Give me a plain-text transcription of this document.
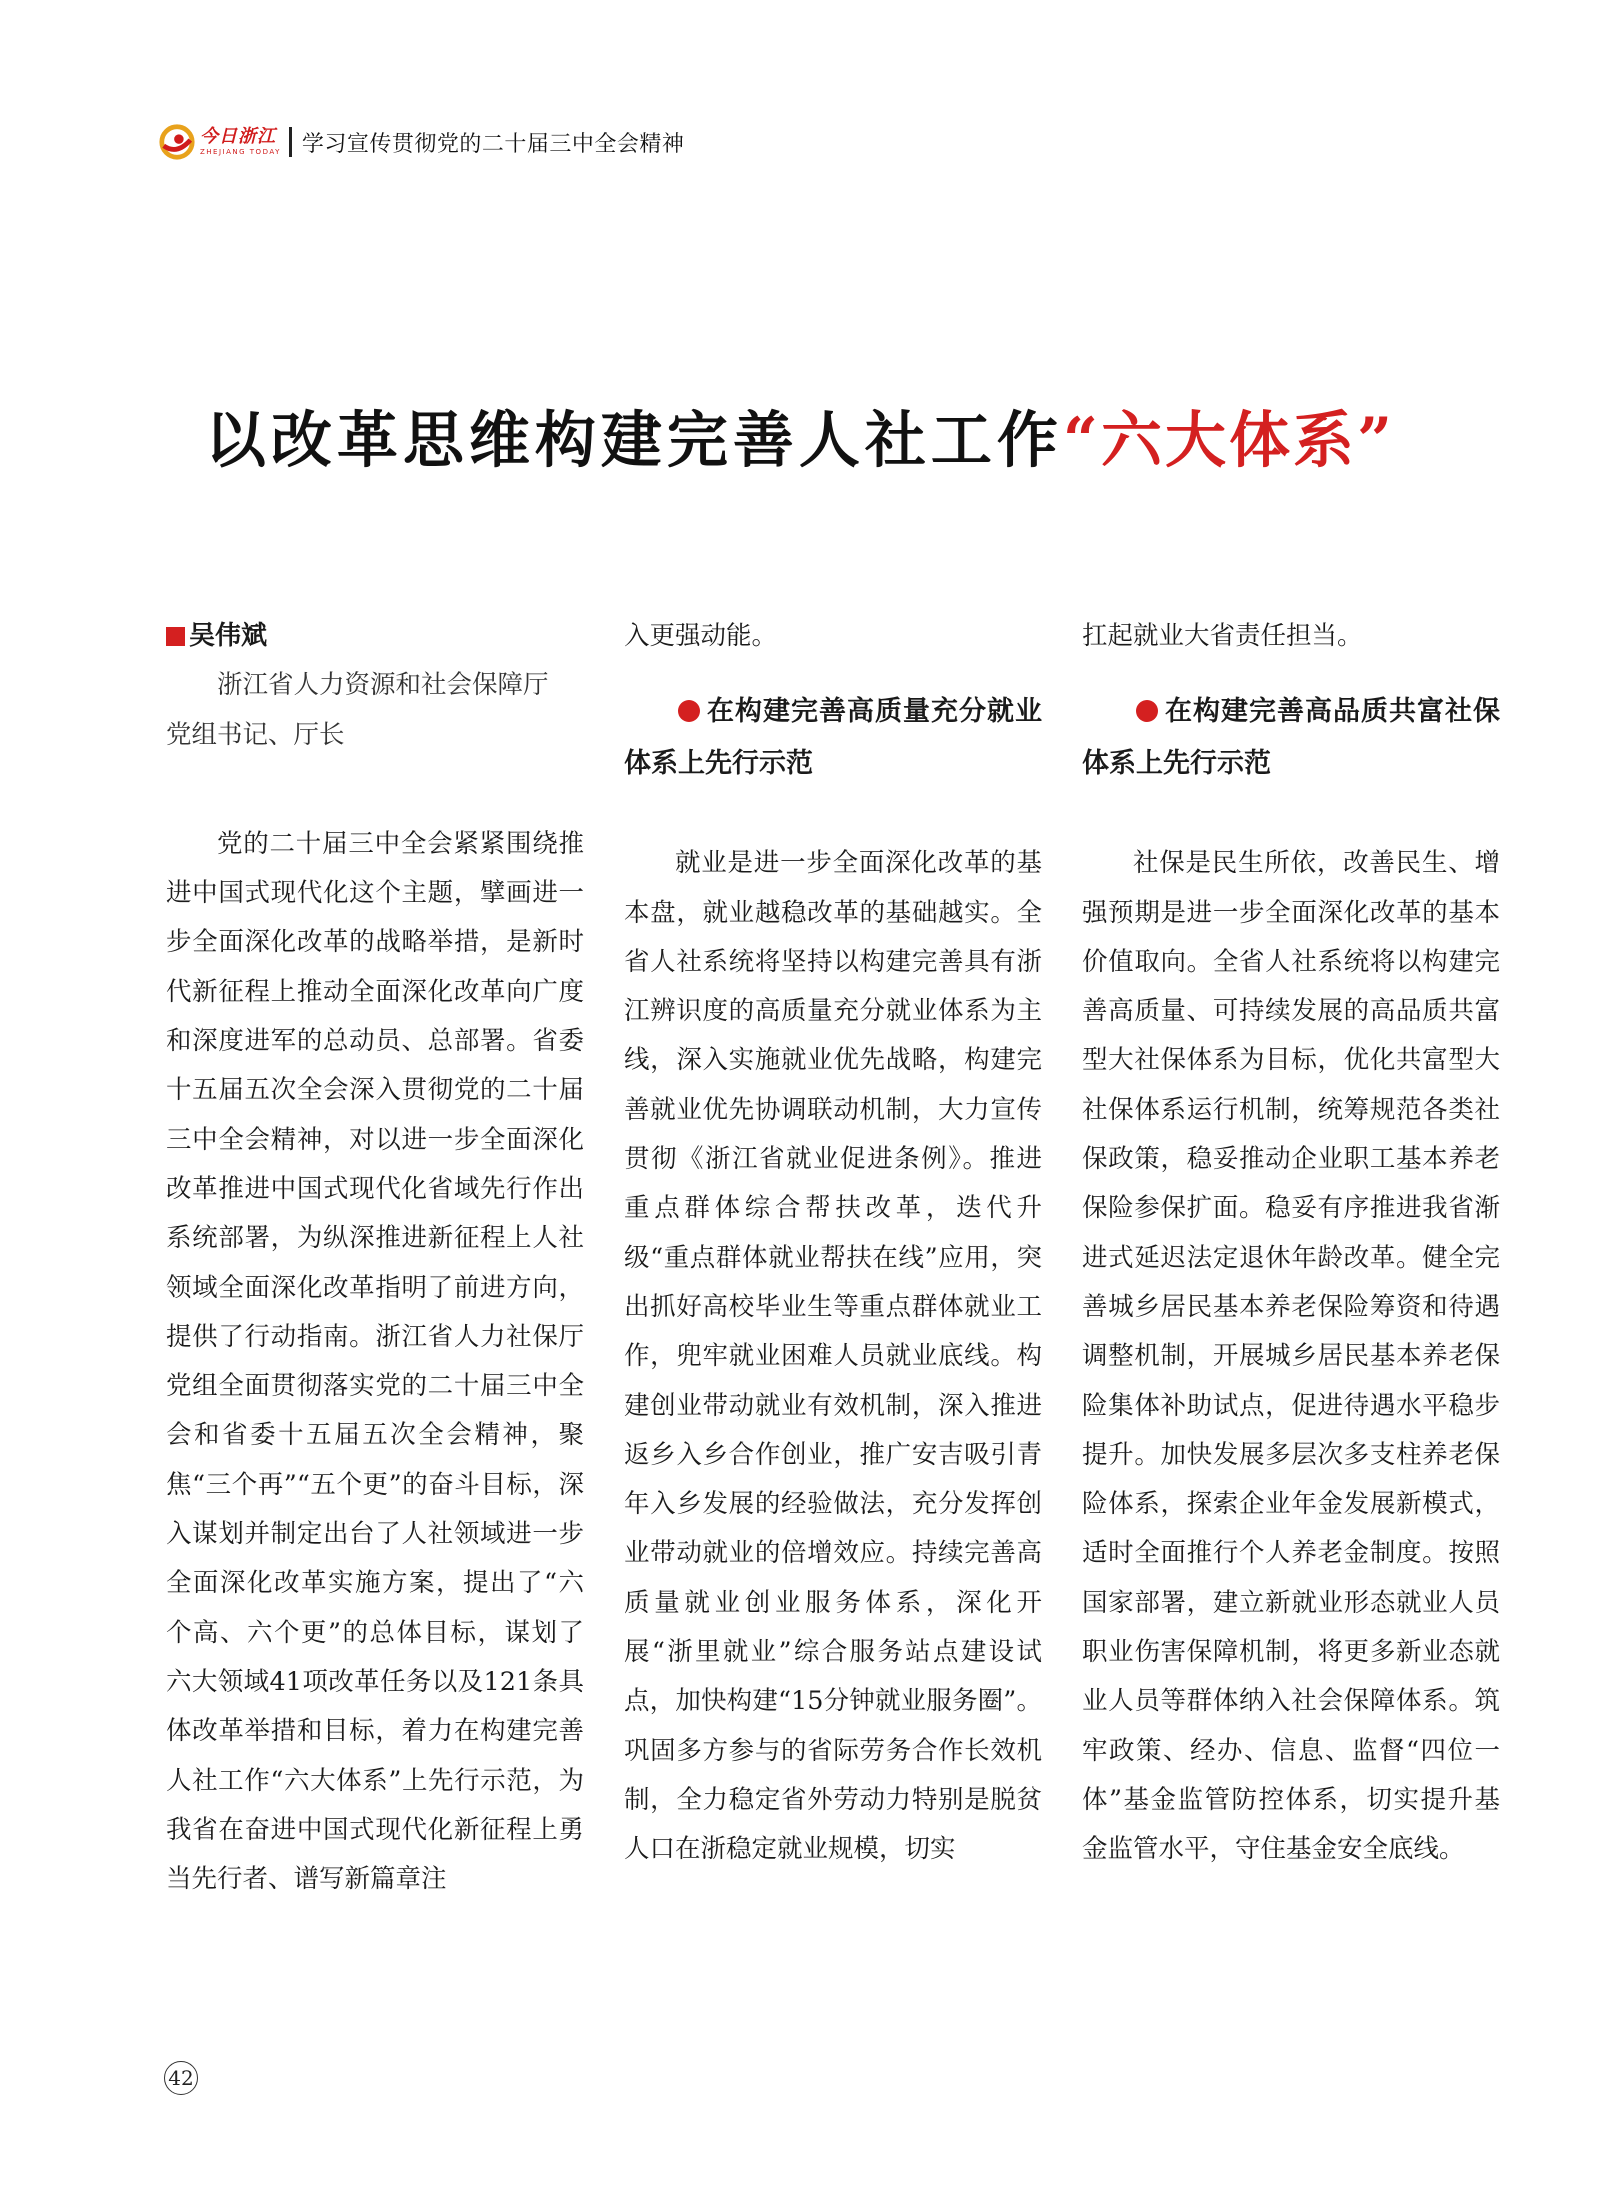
今日浙江
ZHEJIANG TODAY 学习宣传贯彻党的二十届三中全会精神
以改革思维构建完善人社工作“六大体系”
吴伟斌

浙江省人力资源和社会保障厅

党组书记、厅长

党的二十届三中全会紧紧围绕推进中国式现代化这个主题，擘画进一步全面深化改革的战略举措，是新时代新征程上推动全面深化改革向广度和深度进军的总动员、总部署。省委十五届五次全会深入贯彻党的二十届三中全会精神，对以进一步全面深化改革推进中国式现代化省域先行作出系统部署，为纵深推进新征程上人社领域全面深化改革指明了前进方向，提供了行动指南。浙江省人力社保厅党组全面贯彻落实党的二十届三中全会和省委十五届五次全会精神，聚焦“三个再”“五个更”的奋斗目标，深入谋划并制定出台了人社领域进一步全面深化改革实施方案，提出了“六个高、六个更”的总体目标，谋划了六大领域41项改革任务以及121条具体改革举措和目标，着力在构建完善人社工作“六大体系”上先行示范，为我省在奋进中国式现代化新征程上勇当先行者、谱写新篇章注

入更强动能。

在构建完善高质量充分就业体系上先行示范

就业是进一步全面深化改革的基本盘，就业越稳改革的基础越实。全省人社系统将坚持以构建完善具有浙江辨识度的高质量充分就业体系为主线，深入实施就业优先战略，构建完善就业优先协调联动机制，大力宣传贯彻《浙江省就业促进条例》。推进重点群体综合帮扶改革，迭代升级“重点群体就业帮扶在线”应用，突出抓好高校毕业生等重点群体就业工作，兜牢就业困难人员就业底线。构建创业带动就业有效机制，深入推进返乡入乡合作创业，推广安吉吸引青年入乡发展的经验做法，充分发挥创业带动就业的倍增效应。持续完善高质量就业创业服务体系，深化开展“浙里就业”综合服务站点建设试点，加快构建“15分钟就业服务圈”。巩固多方参与的省际劳务合作长效机制，全力稳定省外劳动力特别是脱贫人口在浙稳定就业规模，切实

扛起就业大省责任担当。

在构建完善高品质共富社保体系上先行示范

社保是民生所依，改善民生、增强预期是进一步全面深化改革的基本价值取向。全省人社系统将以构建完善高质量、可持续发展的高品质共富型大社保体系为目标，优化共富型大社保体系运行机制，统筹规范各类社保政策，稳妥推动企业职工基本养老保险参保扩面。稳妥有序推进我省渐进式延迟法定退休年龄改革。健全完善城乡居民基本养老保险筹资和待遇调整机制，开展城乡居民基本养老保险集体补助试点，促进待遇水平稳步提升。加快发展多层次多支柱养老保险体系，探索企业年金发展新模式，适时全面推行个人养老金制度。按照国家部署，建立新就业形态就业人员职业伤害保障机制，将更多新业态就业人员等群体纳入社会保障体系。筑牢政策、经办、信息、监督“四位一体”基金监管防控体系，切实提升基金监管水平，守住基金安全底线。

42
